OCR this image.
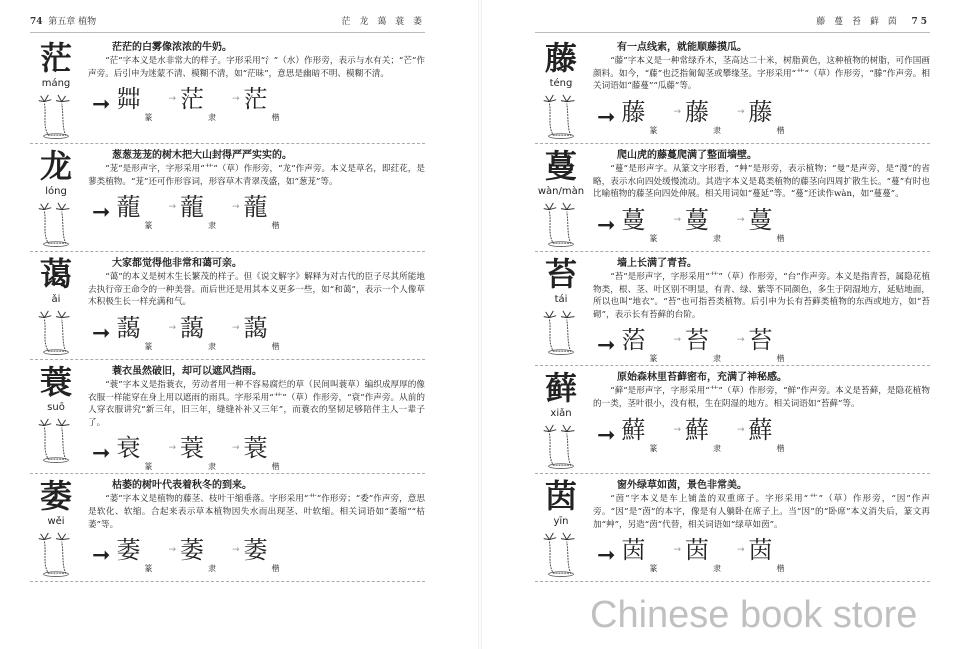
74 第五章 植物	茫 龙 蔼 蓑 萎
茫
máng
茫茫的白雾像浓浓的牛奶。

“茫”字本义是水非常大的样子。字形采用“氵”（水）作形旁，表示与水有关；“芒”作声旁。后引申为迷蒙不清、模糊不清，如“茫昧”，意思是幽暗不明、模糊不清。

➞ 茻
篆
→ 茫
隶
→ 茫
楷
龙
lóng
葱葱茏茏的树木把大山封得严严实实的。

“茏”是形声字，字形采用“艹”（草）作形旁，“龙”作声旁。本义是草名，即荭花，是蓼类植物。“茏”还可作形容词，形容草木青翠茂盛，如“葱茏”等。

➞ 蘢
篆
→ 蘢
隶
→ 蘢
楷
蔼
ǎi
大家都觉得他非常和蔼可亲。

“蔼”的本义是树木生长繁茂的样子。但《说文解字》解释为对古代的臣子尽其所能地去执行帝王命令的一种美誉。而后世还是用其本义更多一些，如“和蔼”，表示一个人像草木积极生长一样充满和气。

➞ 藹
篆
→ 藹
隶
→ 藹
楷
蓑
suō
蓑衣虽然破旧，却可以遮风挡雨。

“蓑”字本义是指蓑衣，劳动者用一种不容易腐烂的草（民间叫蓑草）编织成厚厚的像衣服一样能穿在身上用以遮雨的雨具。字形采用“艹”（草）作形旁，“衰”作声旁。从前的人穿衣服讲究“新三年，旧三年，缝缝补补又三年”，而蓑衣的坚韧足够陪伴主人一辈子了。

➞ 衰
篆
→ 蓑
隶
→ 蓑
楷
萎
wěi
枯萎的树叶代表着秋冬的到来。

“萎”字本义是植物的藤茎、枝叶干缩垂落。字形采用“艹”作形旁；“委”作声旁，意思是软化、软缩。合起来表示草本植物因失水而出现茎、叶软缩。相关词语如“萎缩”“枯萎”等。

➞ 萎
篆
→ 萎
隶
→ 萎
楷
藤 蔓 苔 藓 茵 75
藤
téng
有一点线索，就能顺藤摸瓜。

“藤”字本义是一种常绿乔木，茎高达二十米，树脂黄色，这种植物的树脂，可作国画颜料。如今，“藤”也泛指匍匐茎或攀缘茎。字形采用“艹”（草）作形旁，“滕”作声旁。相关词语如“藤蔓”“瓜藤”等。

➞ 藤
篆
→ 藤
隶
→ 藤
楷
蔓
wàn/màn
爬山虎的藤蔓爬满了整面墙壁。

“蔓”是形声字。从篆文字形看，“艸”是形旁，表示植物；“曼”是声旁，是“漫”的省略，表示水向四处缓慢流动。其造字本义是葛类植物的藤茎向四周扩散生长。“蔓”有时也比喻植物的藤茎向四处伸展。相关用词如“蔓延”等。“蔓”还读作wàn，如“蔓蔓”。

➞ 蔓
篆
→ 蔓
隶
→ 蔓
楷
苔
tái
墙上长满了青苔。

“苔”是形声字，字形采用“艹”（草）作形旁，“台”作声旁。本义是指青苔，属隐花植物类，根、茎、叶区别不明显，有青、绿、紫等不同颜色，多生于阴湿地方，延贴地面，所以也叫“地衣”。“苔”也可指苔类植物。后引申为长有苔藓类植物的东西或地方，如“苔砌”，表示长有苔藓的台阶。

➞ 菭
篆
→ 苔
隶
→ 苔
楷
藓
xiǎn
原始森林里苔藓密布，充满了神秘感。

“藓”是形声字，字形采用“艹”（草）作形旁，“鲜”作声旁。本义是苔藓，是隐花植物的一类，茎叶很小，没有根，生在阴湿的地方。相关词语如“苔藓”等。

➞ 蘚
篆
→ 蘚
隶
→ 蘚
楷
茵
yīn
窗外绿草如茵，景色非常美。

“茵”字本义是车上铺盖的双重席子。字形采用“艹”（草）作形旁，“因”作声旁。“因”是“茵”的本字，像是有人躺卧在席子上。当“因”的“卧席”本义消失后，篆文再加“艸”，另造“茵”代替，相关词语如“绿草如茵”。

➞ 茵
篆
→ 茵
隶
→ 茵
楷
Chinese book store
